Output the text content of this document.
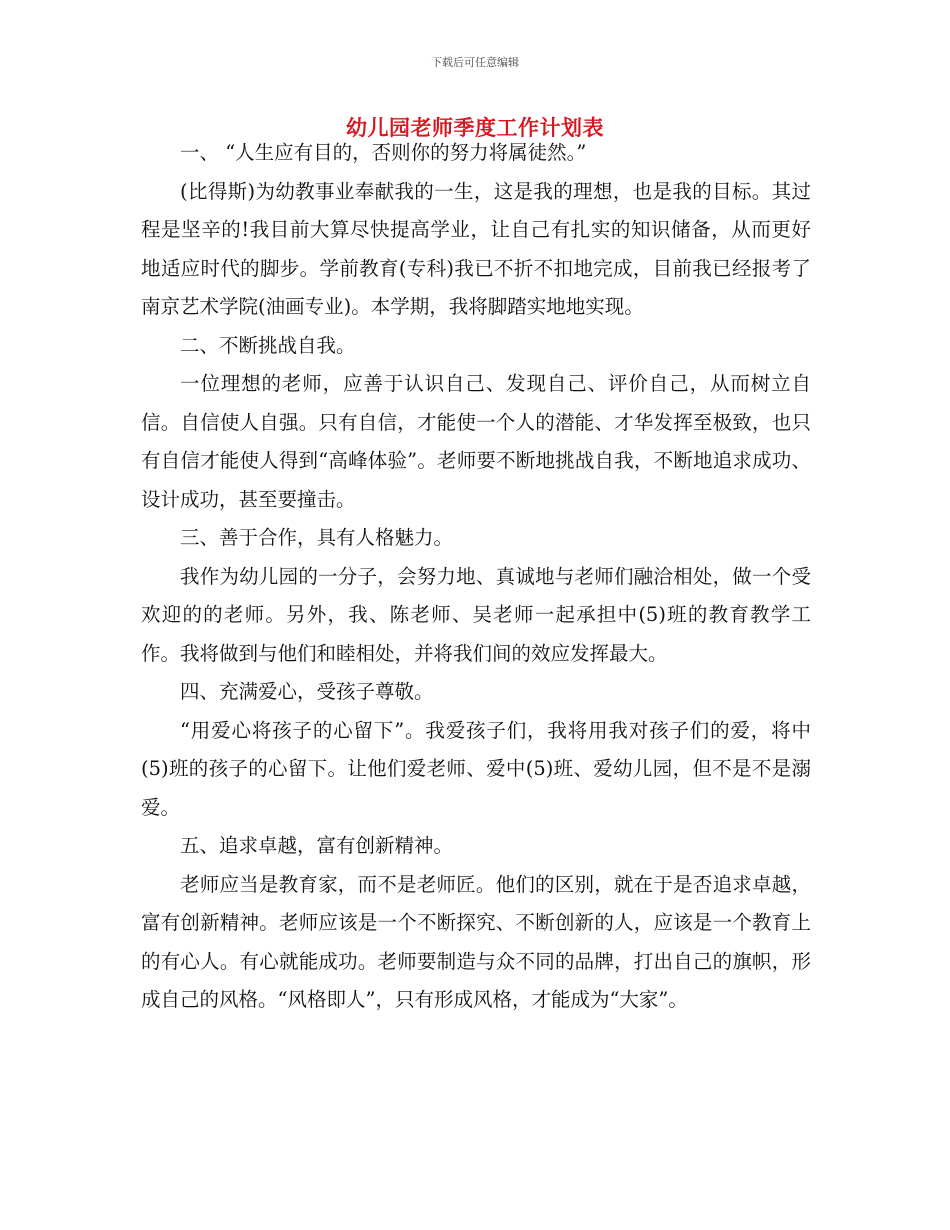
下载后可任意编辑
幼儿园老师季度工作计划表

一、 “人生应有目的，否则你的努力将属徒然。”

(比得斯)为幼教事业奉献我的一生，这是我的理想，也是我的目标。其过程是坚辛的!我目前大算尽快提高学业，让自己有扎实的知识储备，从而更好地适应时代的脚步。学前教育(专科)我已不折不扣地完成，目前我已经报考了南京艺术学院(油画专业)。本学期，我将脚踏实地地实现。

二、不断挑战自我。

一位理想的老师，应善于认识自己、发现自己、评价自己，从而树立自信。自信使人自强。只有自信，才能使一个人的潜能、才华发挥至极致，也只有自信才能使人得到“高峰体验”。老师要不断地挑战自我，不断地追求成功、设计成功，甚至要撞击。

三、善于合作，具有人格魅力。

我作为幼儿园的一分子，会努力地、真诚地与老师们融洽相处，做一个受欢迎的的老师。另外，我、陈老师、吴老师一起承担中(5)班的教育教学工作。我将做到与他们和睦相处，并将我们间的效应发挥最大。

四、充满爱心，受孩子尊敬。

“用爱心将孩子的心留下”。我爱孩子们，我将用我对孩子们的爱，将中(5)班的孩子的心留下。让他们爱老师、爱中(5)班、爱幼儿园，但不是不是溺爱。

五、追求卓越，富有创新精神。

老师应当是教育家，而不是老师匠。他们的区别，就在于是否追求卓越，富有创新精神。老师应该是一个不断探究、不断创新的人，应该是一个教育上的有心人。有心就能成功。老师要制造与众不同的品牌，打出自己的旗帜，形成自己的风格。“风格即人”，只有形成风格，才能成为“大家”。
